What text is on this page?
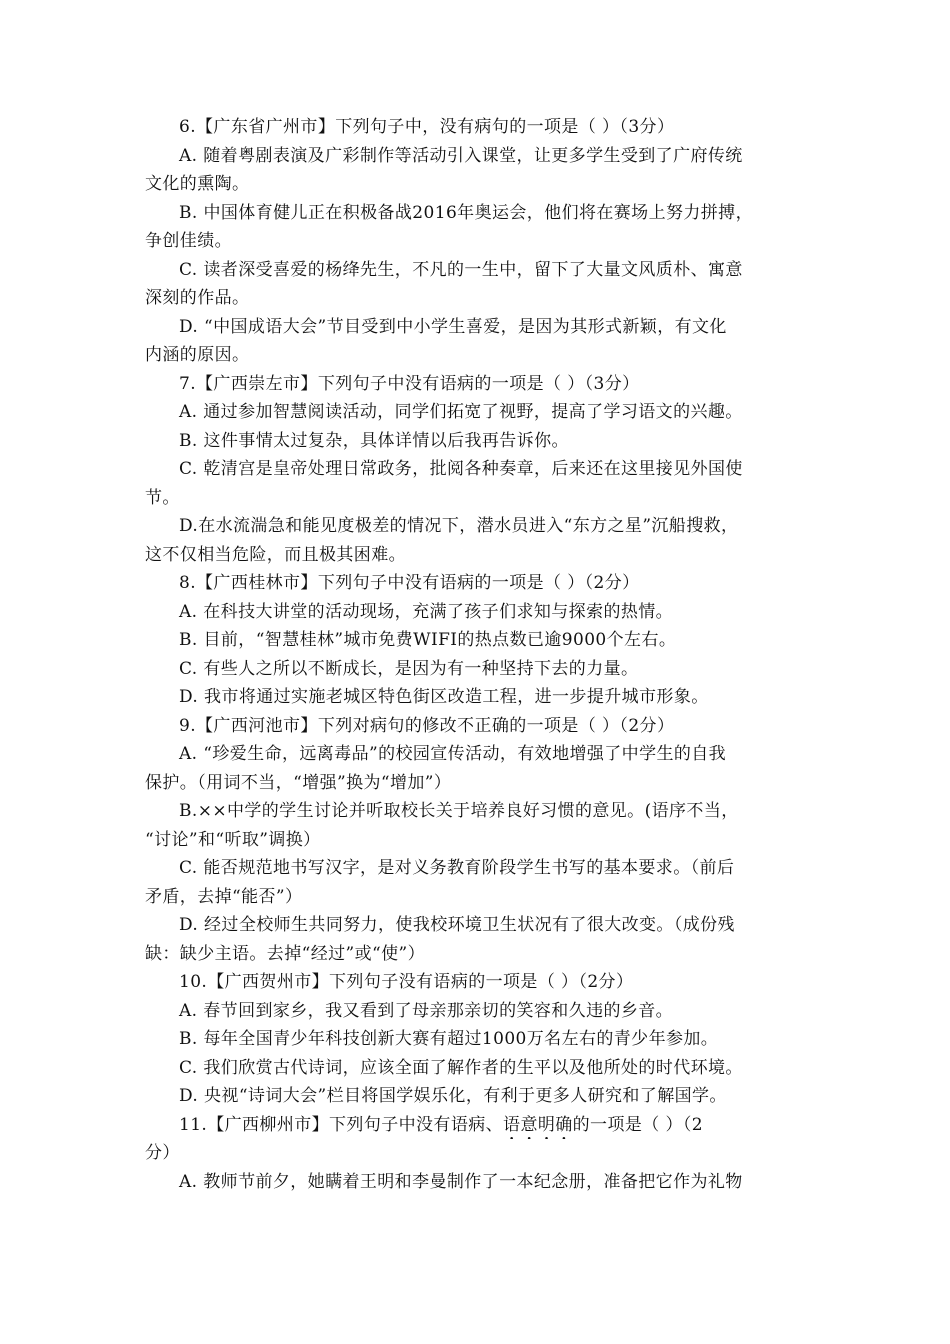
6.【广东省广州市】下列句子中，没有病句的一项是（ ）（3分）
A. 随着粤剧表演及广彩制作等活动引入课堂，让更多学生受到了广府传统
文化的熏陶。
B. 中国体育健儿正在积极备战2016年奥运会，他们将在赛场上努力拼搏，
争创佳绩。
C. 读者深受喜爱的杨绛先生，不凡的一生中，留下了大量文风质朴、寓意
深刻的作品。
D. “中国成语大会”节目受到中小学生喜爱，是因为其形式新颖，有文化
内涵的原因。
7.【广西崇左市】下列句子中没有语病的一项是（ ）（3分）
A. 通过参加智慧阅读活动，同学们拓宽了视野，提高了学习语文的兴趣。
B. 这件事情太过复杂，具体详情以后我再告诉你。
C. 乾清宫是皇帝处理日常政务，批阅各种奏章，后来还在这里接见外国使
节。
D.在水流湍急和能见度极差的情况下，潜水员进入“东方之星”沉船搜救，
这不仅相当危险，而且极其困难。
8.【广西桂林市】下列句子中没有语病的一项是（ ）（2分）
A. 在科技大讲堂的活动现场，充满了孩子们求知与探索的热情。
B. 目前，“智慧桂林”城市免费WIFI的热点数已逾9000个左右。
C. 有些人之所以不断成长，是因为有一种坚持下去的力量。
D. 我市将通过实施老城区特色街区改造工程，进一步提升城市形象。
9.【广西河池市】下列对病句的修改不正确的一项是（ ）（2分）
A. “珍爱生命，远离毒品”的校园宣传活动，有效地增强了中学生的自我
保护。（用词不当，“增强”换为“增加”）
B.××中学的学生讨论并听取校长关于培养良好习惯的意见。(语序不当，
“讨论”和“听取”调换）
C. 能否规范地书写汉字，是对义务教育阶段学生书写的基本要求。（前后
矛盾，去掉“能否”）
D. 经过全校师生共同努力，使我校环境卫生状况有了很大改变。（成份残
缺：缺少主语。去掉“经过”或“使”）
10.【广西贺州市】下列句子没有语病的一项是（ ）（2分）
A. 春节回到家乡，我又看到了母亲那亲切的笑容和久违的乡音。
B. 每年全国青少年科技创新大赛有超过1000万名左右的青少年参加。
C. 我们欣赏古代诗词，应该全面了解作者的生平以及他所处的时代环境。
D. 央视“诗词大会”栏目将国学娱乐化，有利于更多人研究和了解国学。
11.【广西柳州市】下列句子中没有语病、语意明确的一项是（ ）（2
分）
A. 教师节前夕，她瞒着王明和李曼制作了一本纪念册，准备把它作为礼物
